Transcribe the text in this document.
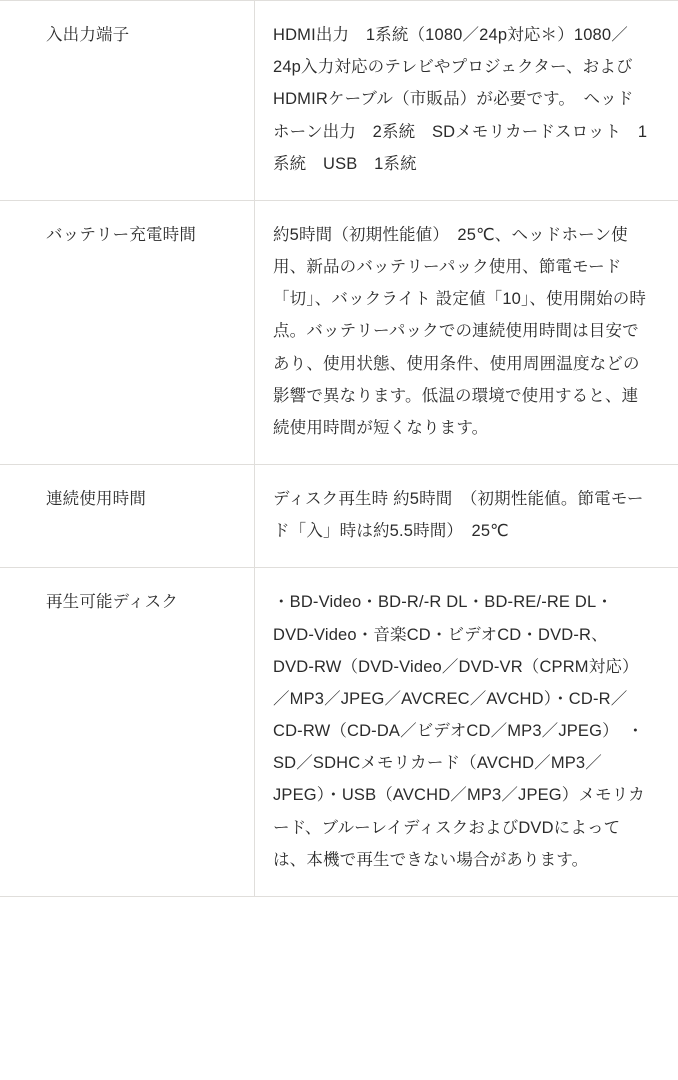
入出力端子	HDMI出力　1系統（1080／24p対応＊）1080／24p入力対応のテレビやプロジェクター、およびHDMIRケーブル（市販品）が必要です。　ヘッドホーン出力　2系統　SDメモリカードスロット　1系統　USB　1系統
バッテリー充電時間	約5時間（初期性能値）　25℃、ヘッドホーン使用、新品のバッテリーパック使用、節電モード「切」、バックライト 設定値「10」、使用開始の時点。バッテリーパックでの連続使用時間は目安であり、使用状態、使用条件、使用周囲温度などの影響で異なります。低温の環境で使用すると、連続使用時間が短くなります。
連続使用時間	ディスク再生時 約5時間　（初期性能値。節電モード「入」時は約5.5時間）　25℃
再生可能ディスク	・BD-Video・BD-R/-R DL・BD-RE/-RE DL・DVD-Video・音楽CD・ビデオCD・DVD-R、DVD-RW（DVD-Video／DVD-VR（CPRM対応）／MP3／JPEG／AVCREC／AVCHD）・CD-R／CD-RW（CD-DA／ビデオCD／MP3／JPEG）　・SD／SDHCメモリカード（AVCHD／MP3／JPEG）・USB（AVCHD／MP3／JPEG）メモリカード、ブルーレイディスクおよびDVDによっては、本機で再生できない場合があります。
